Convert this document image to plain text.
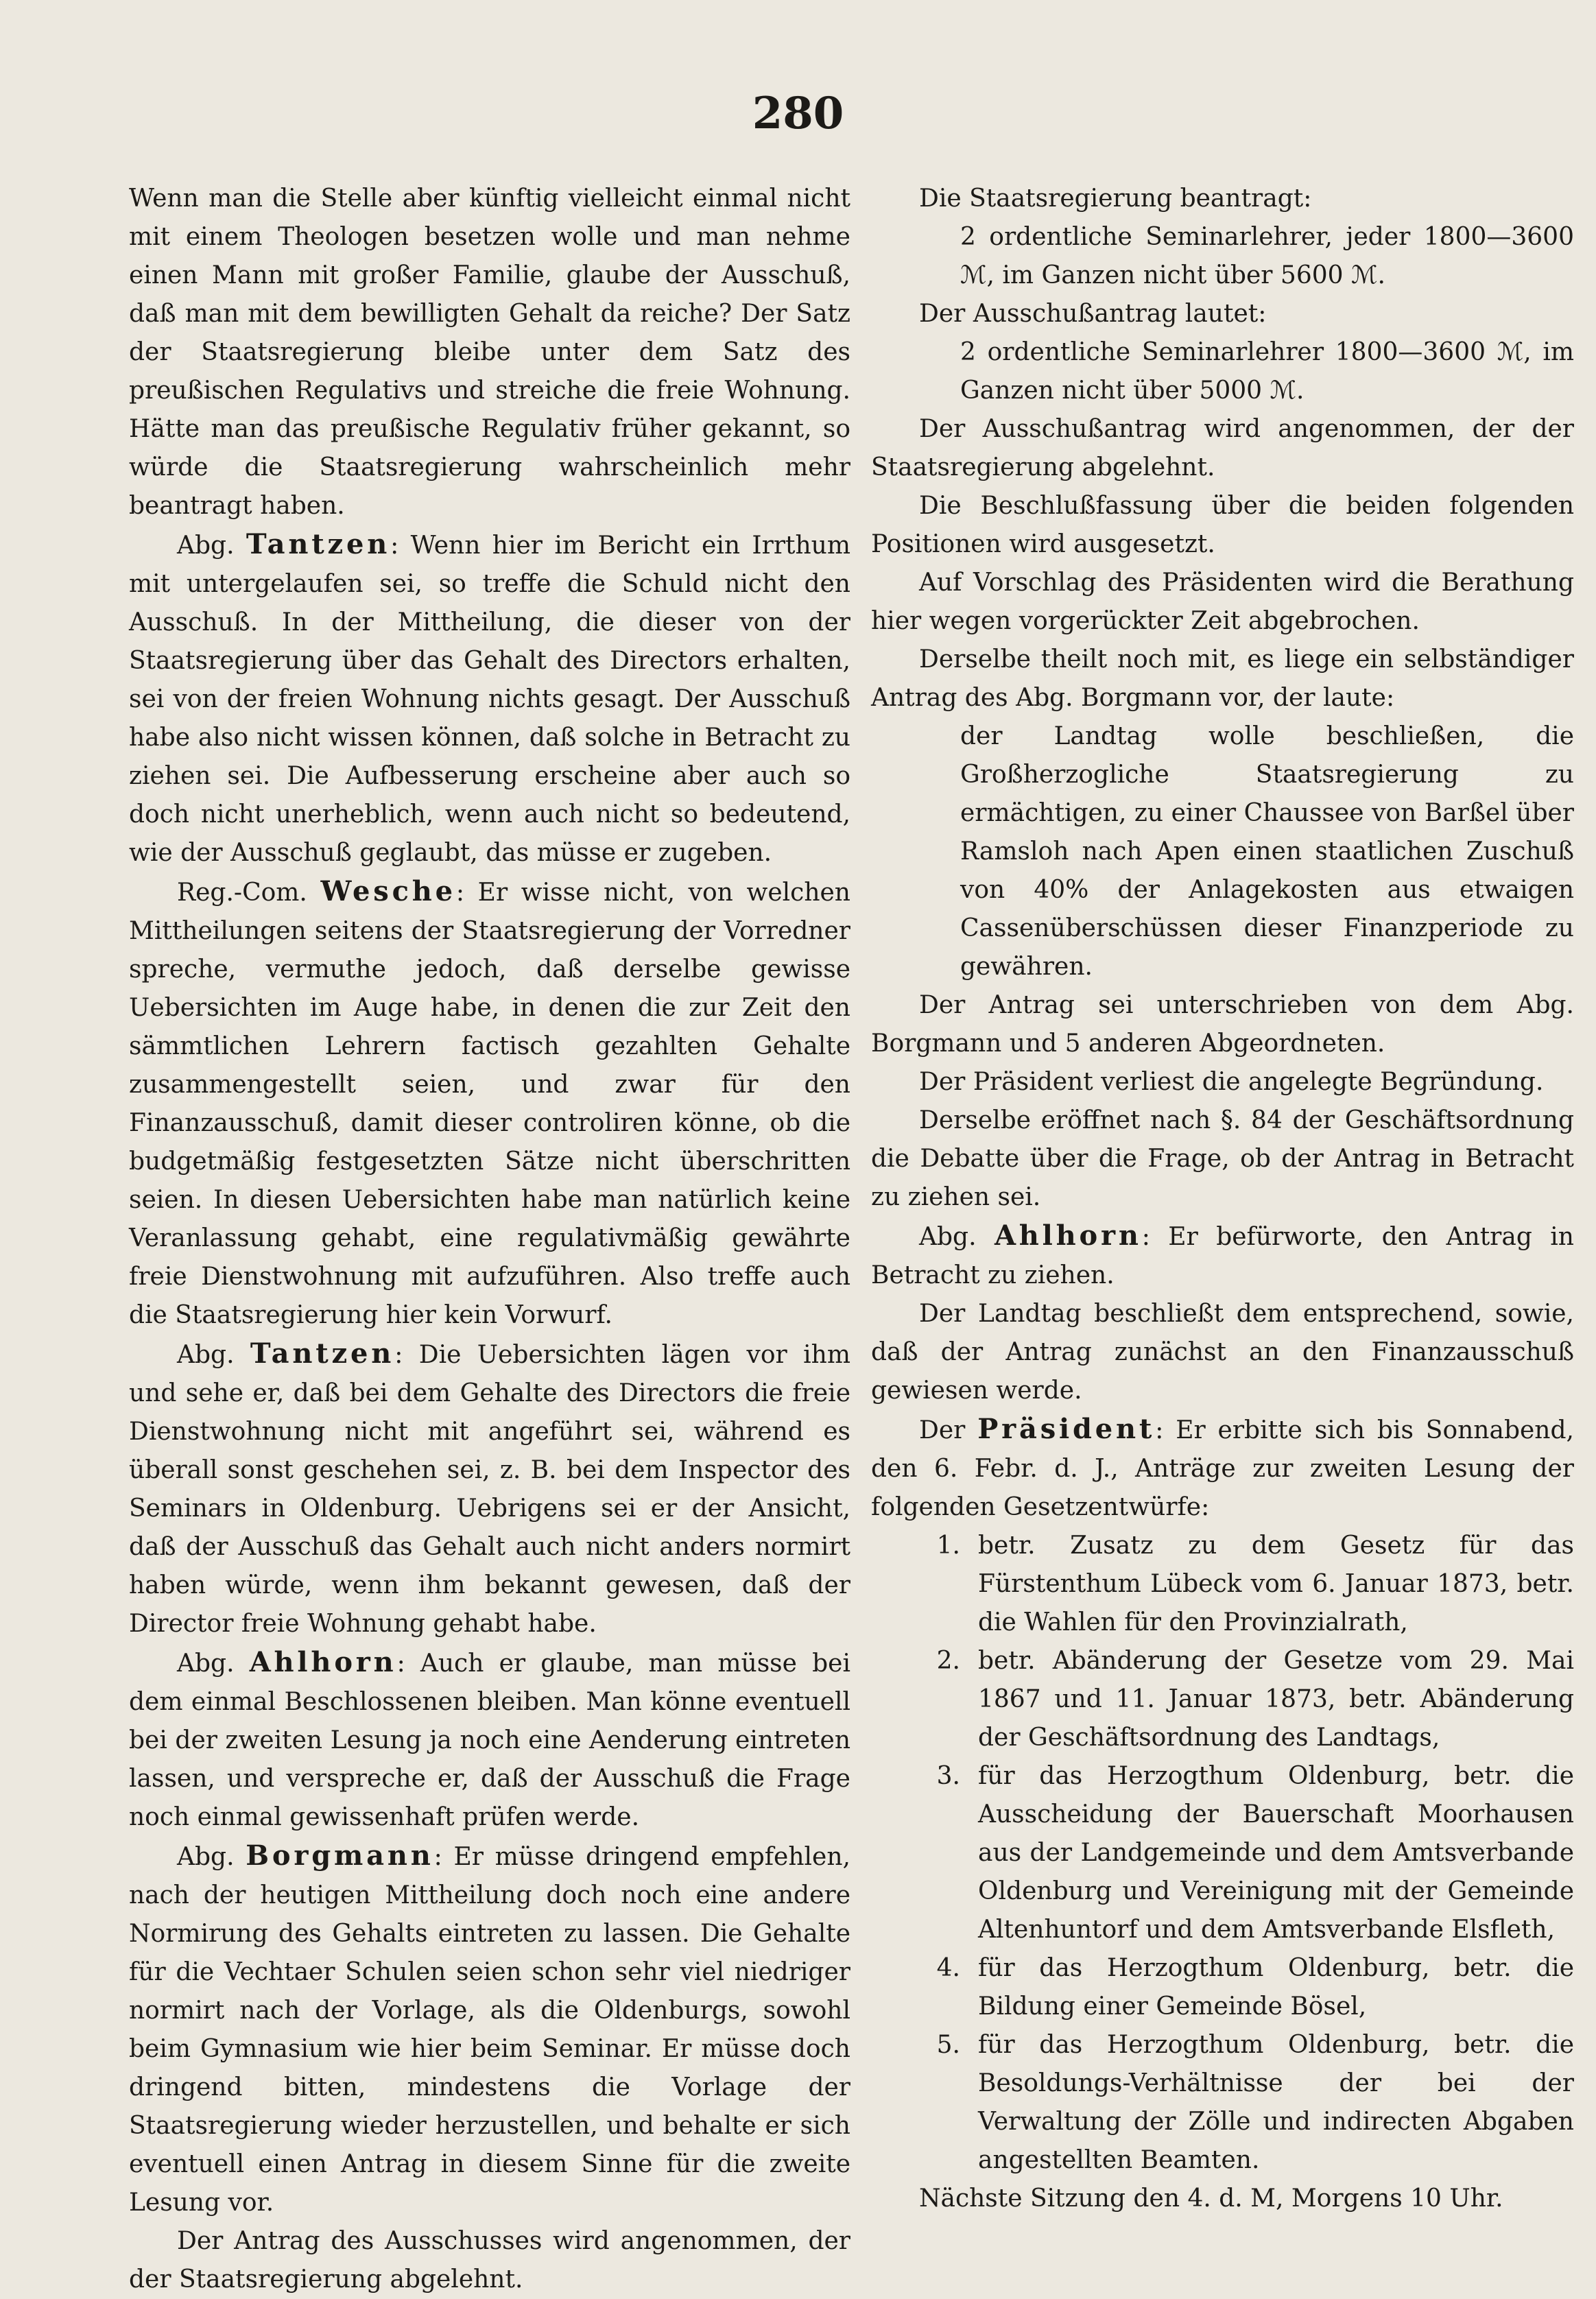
280

Wenn man die Stelle aber künftig vielleicht einmal nicht mit einem Theologen besetzen wolle und man nehme einen Mann mit großer Familie, glaube der Ausschuß, daß man mit dem bewilligten Gehalt da reiche? Der Satz der Staatsregierung bleibe unter dem Satz des preußischen Regulativs und streiche die freie Wohnung. Hätte man das preußische Regulativ früher gekannt, so würde die Staatsregierung wahrscheinlich mehr beantragt haben.

Abg. Tantzen: Wenn hier im Bericht ein Irrthum mit untergelaufen sei, so treffe die Schuld nicht den Ausschuß. In der Mittheilung, die dieser von der Staatsregierung über das Gehalt des Directors erhalten, sei von der freien Wohnung nichts gesagt. Der Ausschuß habe also nicht wissen können, daß solche in Betracht zu ziehen sei. Die Aufbesserung erscheine aber auch so doch nicht unerheblich, wenn auch nicht so bedeutend, wie der Ausschuß geglaubt, das müsse er zugeben.

Reg.-Com. Wesche: Er wisse nicht, von welchen Mittheilungen seitens der Staatsregierung der Vorredner spreche, vermuthe jedoch, daß derselbe gewisse Uebersichten im Auge habe, in denen die zur Zeit den sämmtlichen Lehrern factisch gezahlten Gehalte zusammengestellt seien, und zwar für den Finanzausschuß, damit dieser controliren könne, ob die budgetmäßig festgesetzten Sätze nicht überschritten seien. In diesen Uebersichten habe man natürlich keine Veranlassung gehabt, eine regulativmäßig gewährte freie Dienstwohnung mit aufzuführen. Also treffe auch die Staatsregierung hier kein Vorwurf.

Abg. Tantzen: Die Uebersichten lägen vor ihm und sehe er, daß bei dem Gehalte des Directors die freie Dienstwohnung nicht mit angeführt sei, während es überall sonst geschehen sei, z. B. bei dem Inspector des Seminars in Oldenburg. Uebrigens sei er der Ansicht, daß der Ausschuß das Gehalt auch nicht anders normirt haben würde, wenn ihm bekannt gewesen, daß der Director freie Wohnung gehabt habe.

Abg. Ahlhorn: Auch er glaube, man müsse bei dem einmal Beschlossenen bleiben. Man könne eventuell bei der zweiten Lesung ja noch eine Aenderung eintreten lassen, und verspreche er, daß der Ausschuß die Frage noch einmal gewissenhaft prüfen werde.

Abg. Borgmann: Er müsse dringend empfehlen, nach der heutigen Mittheilung doch noch eine andere Normirung des Gehalts eintreten zu lassen. Die Gehalte für die Vechtaer Schulen seien schon sehr viel niedriger normirt nach der Vorlage, als die Oldenburgs, sowohl beim Gymnasium wie hier beim Seminar. Er müsse doch dringend bitten, mindestens die Vorlage der Staatsregierung wieder herzustellen, und behalte er sich eventuell einen Antrag in diesem Sinne für die zweite Lesung vor.

Der Antrag des Ausschusses wird angenommen, der der Staatsregierung abgelehnt.

Die Staatsregierung beantragt:

2 ordentliche Seminarlehrer, jeder 1800—3600 ℳ, im Ganzen nicht über 5600 ℳ.

Der Ausschußantrag lautet:

2 ordentliche Seminarlehrer 1800—3600 ℳ, im Ganzen nicht über 5000 ℳ.

Der Ausschußantrag wird angenommen, der der Staatsregierung abgelehnt.

Die Beschlußfassung über die beiden folgenden Positionen wird ausgesetzt.

Auf Vorschlag des Präsidenten wird die Berathung hier wegen vorgerückter Zeit abgebrochen.

Derselbe theilt noch mit, es liege ein selbständiger Antrag des Abg. Borgmann vor, der laute:

der Landtag wolle beschließen, die Großherzogliche Staatsregierung zu ermächtigen, zu einer Chaussee von Barßel über Ramsloh nach Apen einen staatlichen Zuschuß von 40% der Anlagekosten aus etwaigen Cassenüberschüssen dieser Finanzperiode zu gewähren.

Der Antrag sei unterschrieben von dem Abg. Borgmann und 5 anderen Abgeordneten.

Der Präsident verliest die angelegte Begründung.

Derselbe eröffnet nach §. 84 der Geschäftsordnung die Debatte über die Frage, ob der Antrag in Betracht zu ziehen sei.

Abg. Ahlhorn: Er befürworte, den Antrag in Betracht zu ziehen.

Der Landtag beschließt dem entsprechend, sowie, daß der Antrag zunächst an den Finanzausschuß gewiesen werde.

Der Präsident: Er erbitte sich bis Sonnabend, den 6. Febr. d. J., Anträge zur zweiten Lesung der folgenden Gesetzentwürfe:

1. betr. Zusatz zu dem Gesetz für das Fürstenthum Lübeck vom 6. Januar 1873, betr. die Wahlen für den Provinzialrath,
2. betr. Abänderung der Gesetze vom 29. Mai 1867 und 11. Januar 1873, betr. Abänderung der Geschäftsordnung des Landtags,
3. für das Herzogthum Oldenburg, betr. die Ausscheidung der Bauerschaft Moorhausen aus der Landgemeinde und dem Amtsverbande Oldenburg und Vereinigung mit der Gemeinde Altenhuntorf und dem Amtsverbande Elsfleth,
4. für das Herzogthum Oldenburg, betr. die Bildung einer Gemeinde Bösel,
5. für das Herzogthum Oldenburg, betr. die Besoldungs-Verhältnisse der bei der Verwaltung der Zölle und indirecten Abgaben angestellten Beamten.

Nächste Sitzung den 4. d. M, Morgens 10 Uhr.
